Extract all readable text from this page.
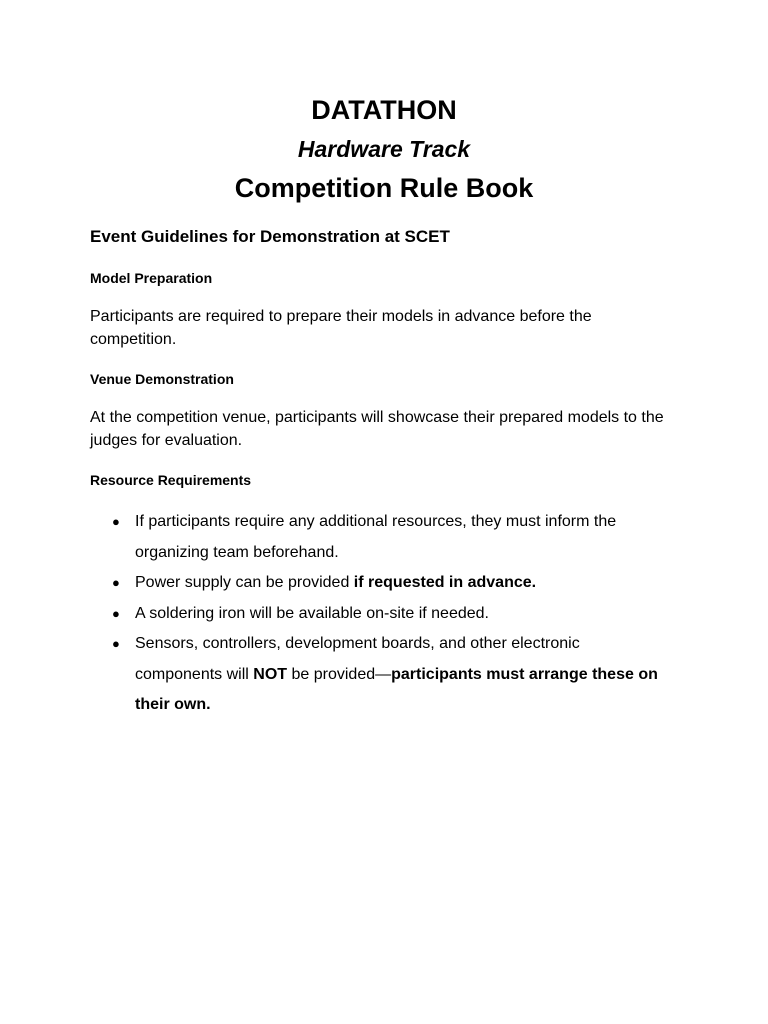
DATATHON
Hardware Track
Competition Rule Book
Event Guidelines for Demonstration at SCET
Model Preparation
Participants are required to prepare their models in advance before the competition.
Venue Demonstration
At the competition venue, participants will showcase their prepared models to the judges for evaluation.
Resource Requirements
● If participants require any additional resources, they must inform the organizing team beforehand.
● Power supply can be provided if requested in advance.
● A soldering iron will be available on-site if needed.
● Sensors, controllers, development boards, and other electronic components will NOT be provided—participants must arrange these on their own.
